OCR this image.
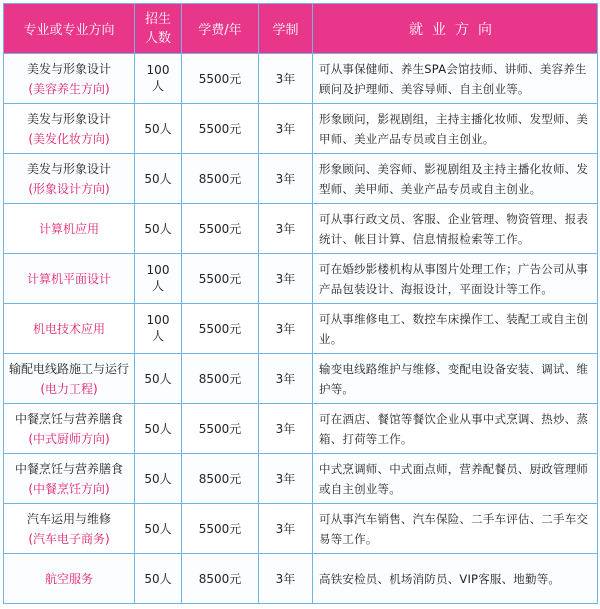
专业或专业方向	招生
人数	学费/年	学制	就业方向

美发与形象设计
(美容养生方向)	100人	5500元	3年	可从事保健师、养生SPA会馆技师、讲师、美容养生顾问及护理师、美容导师、自主创业等。

美发与形象设计
(美发化妆方向)	50人	5500元	3年	形象顾问，影视剧组，主持主播化妆师、发型师、美甲师、美业产品专员或自主创业。

美发与形象设计
(形象设计方向)	50人	8500元	3年	形象顾问、美容师、影视剧组及主持主播化妆师、发型师、美甲师、美业产品专员或自主创业。
计算机应用	50人	5500元	3年	可从事行政文员、客服、企业管理、物资管理、报表统计、帐目计算、信息情报检索等工作。
计算机平面设计	100人	5500元	3年	可在婚纱影楼机构从事图片处理工作；广告公司从事产品包装设计、海报设计，平面设计等工作。
机电技术应用	100人	5500元	3年	可从事维修电工、数控车床操作工、装配工或自主创业。

输配电线路施工与运行
(电力工程)	50人	8500元	3年	输变电线路维护与维修、变配电设备安装、调试、维护等。

中餐烹饪与营养膳食
(中式厨师方向)	50人	5500元	3年	可在酒店、餐馆等餐饮企业从事中式烹调、热炒、蒸箱、打荷等工作。

中餐烹饪与营养膳食
(中餐烹饪方向)	50人	8500元	3年	中式烹调师、中式面点师，营养配餐员、厨政管理师或自主创业等。

汽车运用与维修
(汽车电子商务)	50人	5500元	3年	可从事汽车销售、汽车保险、二手车评估、二手车交易等工作。
航空服务	50人	8500元	3年	高铁安检员、机场消防员、VIP客服、地勤等。
